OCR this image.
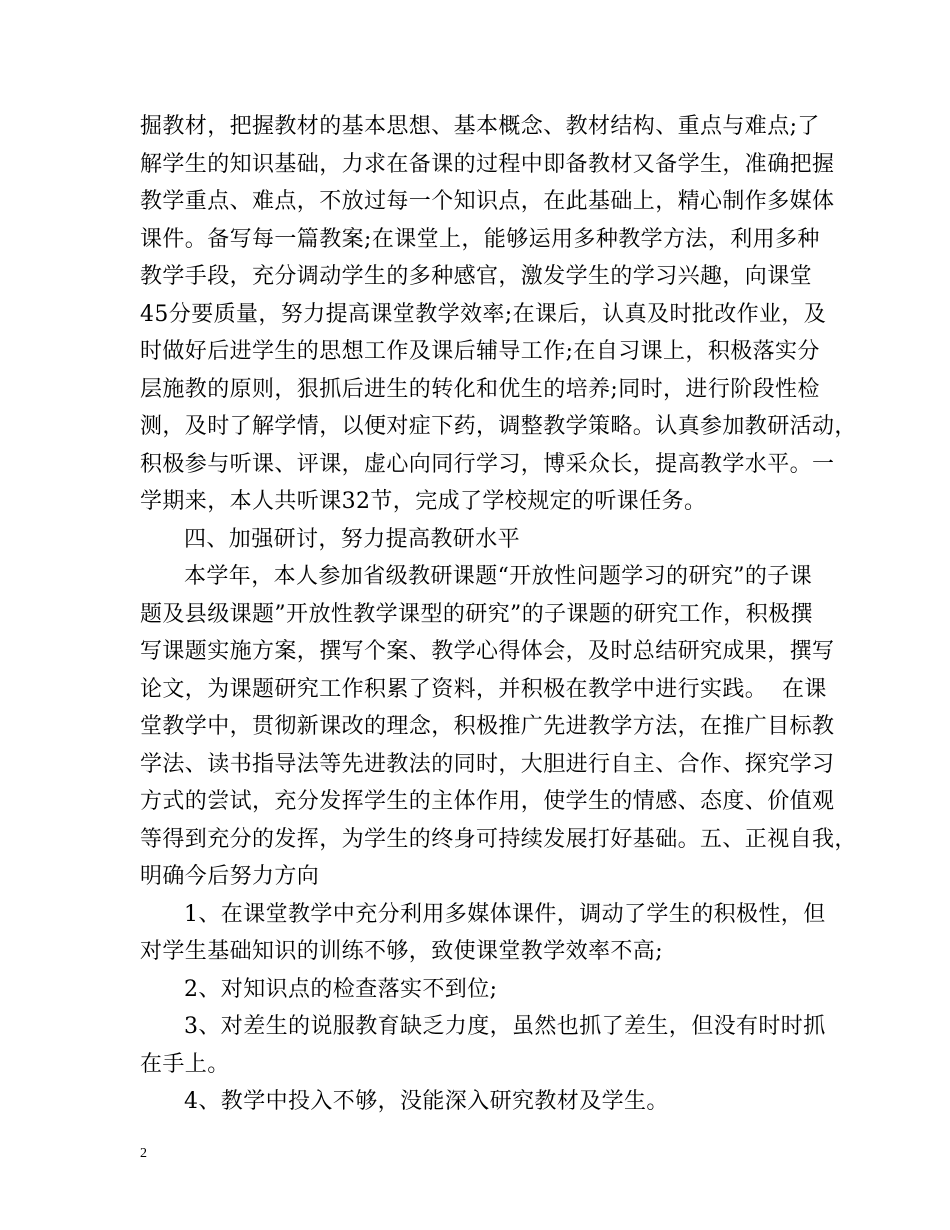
掘教材，把握教材的基本思想、基本概念、教材结构、重点与难点;了
解学生的知识基础，力求在备课的过程中即备教材又备学生，准确把握
教学重点、难点，不放过每一个知识点，在此基础上，精心制作多媒体
课件。备写每一篇教案;在课堂上，能够运用多种教学方法，利用多种
教学手段，充分调动学生的多种感官，激发学生的学习兴趣，向课堂
45分要质量，努力提高课堂教学效率;在课后，认真及时批改作业，及
时做好后进学生的思想工作及课后辅导工作;在自习课上，积极落实分
层施教的原则，狠抓后进生的转化和优生的培养;同时，进行阶段性检
测，及时了解学情，以便对症下药，调整教学策略。认真参加教研活动，
积极参与听课、评课，虚心向同行学习，博采众长，提高教学水平。一
学期来，本人共听课32节，完成了学校规定的听课任务。

四、加强研讨，努力提高教研水平

本学年，本人参加省级教研课题“开放性问题学习的研究”的子课
题及县级课题”开放性教学课型的研究”的子课题的研究工作，积极撰
写课题实施方案，撰写个案、教学心得体会，及时总结研究成果，撰写
论文，为课题研究工作积累了资料，并积极在教学中进行实践。  在课
堂教学中，贯彻新课改的理念，积极推广先进教学方法，在推广目标教
学法、读书指导法等先进教法的同时，大胆进行自主、合作、探究学习
方式的尝试，充分发挥学生的主体作用，使学生的情感、态度、价值观
等得到充分的发挥，为学生的终身可持续发展打好基础。五、正视自我，
明确今后努力方向

1、在课堂教学中充分利用多媒体课件，调动了学生的积极性，但
对学生基础知识的训练不够，致使课堂教学效率不高;

2、对知识点的检查落实不到位;

3、对差生的说服教育缺乏力度，虽然也抓了差生，但没有时时抓
在手上。

4、教学中投入不够，没能深入研究教材及学生。

2
